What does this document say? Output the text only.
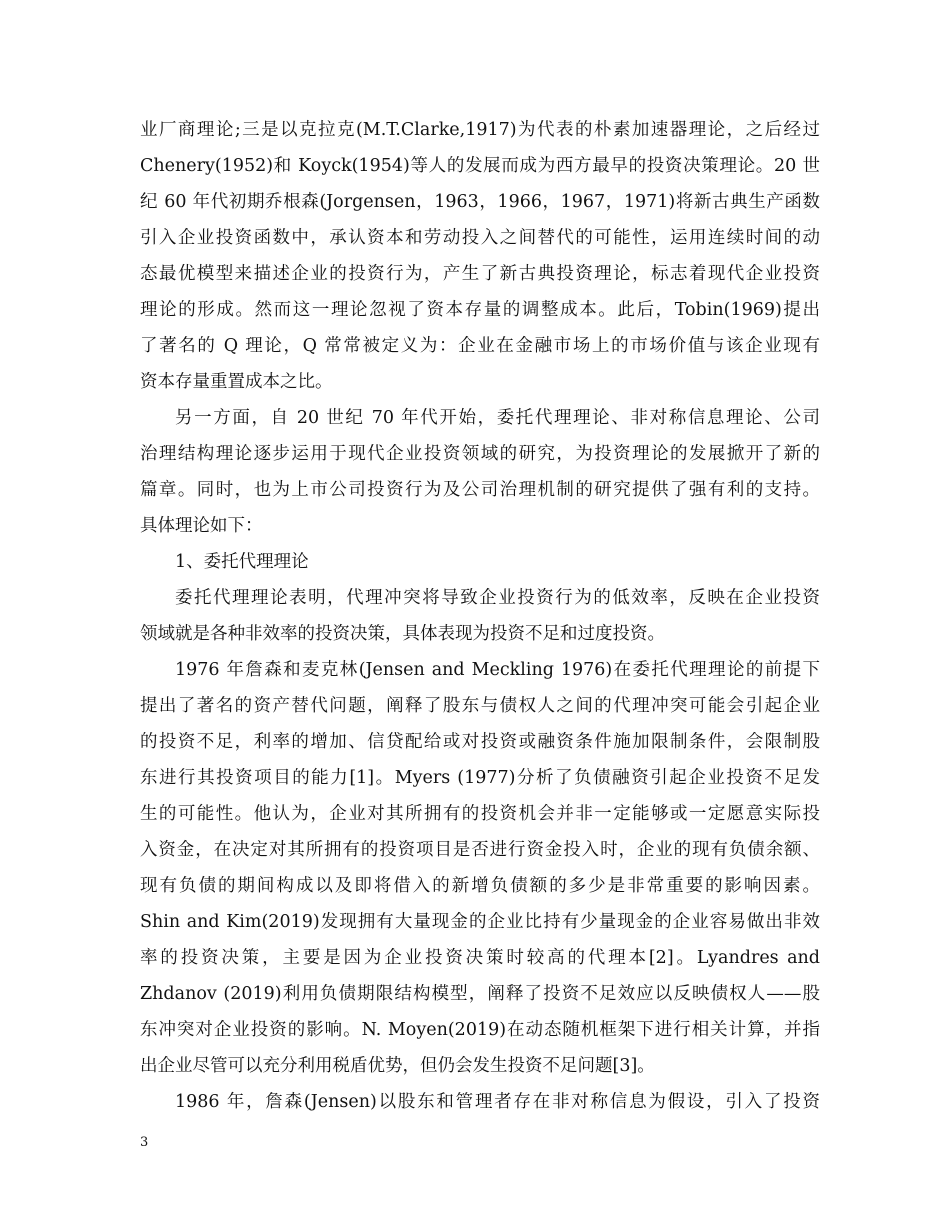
业厂商理论;三是以克拉克(M.T.Clarke,1917)为代表的朴素加速器理论，之后经过
Chenery(1952)和 Koyck(1954)等人的发展而成为西方最早的投资决策理论。20 世
纪 60 年代初期乔根森(Jorgensen，1963，1966，1967，1971)将新古典生产函数
引入企业投资函数中，承认资本和劳动投入之间替代的可能性，运用连续时间的动
态最优模型来描述企业的投资行为，产生了新古典投资理论，标志着现代企业投资
理论的形成。然而这一理论忽视了资本存量的调整成本。此后，Tobin(1969)提出
了著名的 Q 理论，Q 常常被定义为：企业在金融市场上的市场价值与该企业现有
资本存量重置成本之比。
另一方面，自 20 世纪 70 年代开始，委托代理理论、非对称信息理论、公司
治理结构理论逐步运用于现代企业投资领域的研究，为投资理论的发展掀开了新的
篇章。同时，也为上市公司投资行为及公司治理机制的研究提供了强有利的支持。
具体理论如下：
1、委托代理理论
委托代理理论表明，代理冲突将导致企业投资行为的低效率，反映在企业投资
领域就是各种非效率的投资决策，具体表现为投资不足和过度投资。
1976 年詹森和麦克林(Jensen and Meckling 1976)在委托代理理论的前提下
提出了著名的资产替代问题，阐释了股东与债权人之间的代理冲突可能会引起企业
的投资不足，利率的增加、信贷配给或对投资或融资条件施加限制条件，会限制股
东进行其投资项目的能力[1]。Myers (1977)分析了负债融资引起企业投资不足发
生的可能性。他认为，企业对其所拥有的投资机会并非一定能够或一定愿意实际投
入资金，在决定对其所拥有的投资项目是否进行资金投入时，企业的现有负债余额、
现有负债的期间构成以及即将借入的新增负债额的多少是非常重要的影响因素。
Shin and Kim(2019)发现拥有大量现金的企业比持有少量现金的企业容易做出非效
率的投资决策，主要是因为企业投资决策时较高的代理本[2]。Lyandres and
Zhdanov (2019)利用负债期限结构模型，阐释了投资不足效应以反映债权人——股
东冲突对企业投资的影响。N. Moyen(2019)在动态随机框架下进行相关计算，并指
出企业尽管可以充分利用税盾优势，但仍会发生投资不足问题[3]。
1986 年，詹森(Jensen)以股东和管理者存在非对称信息为假设，引入了投资
3
